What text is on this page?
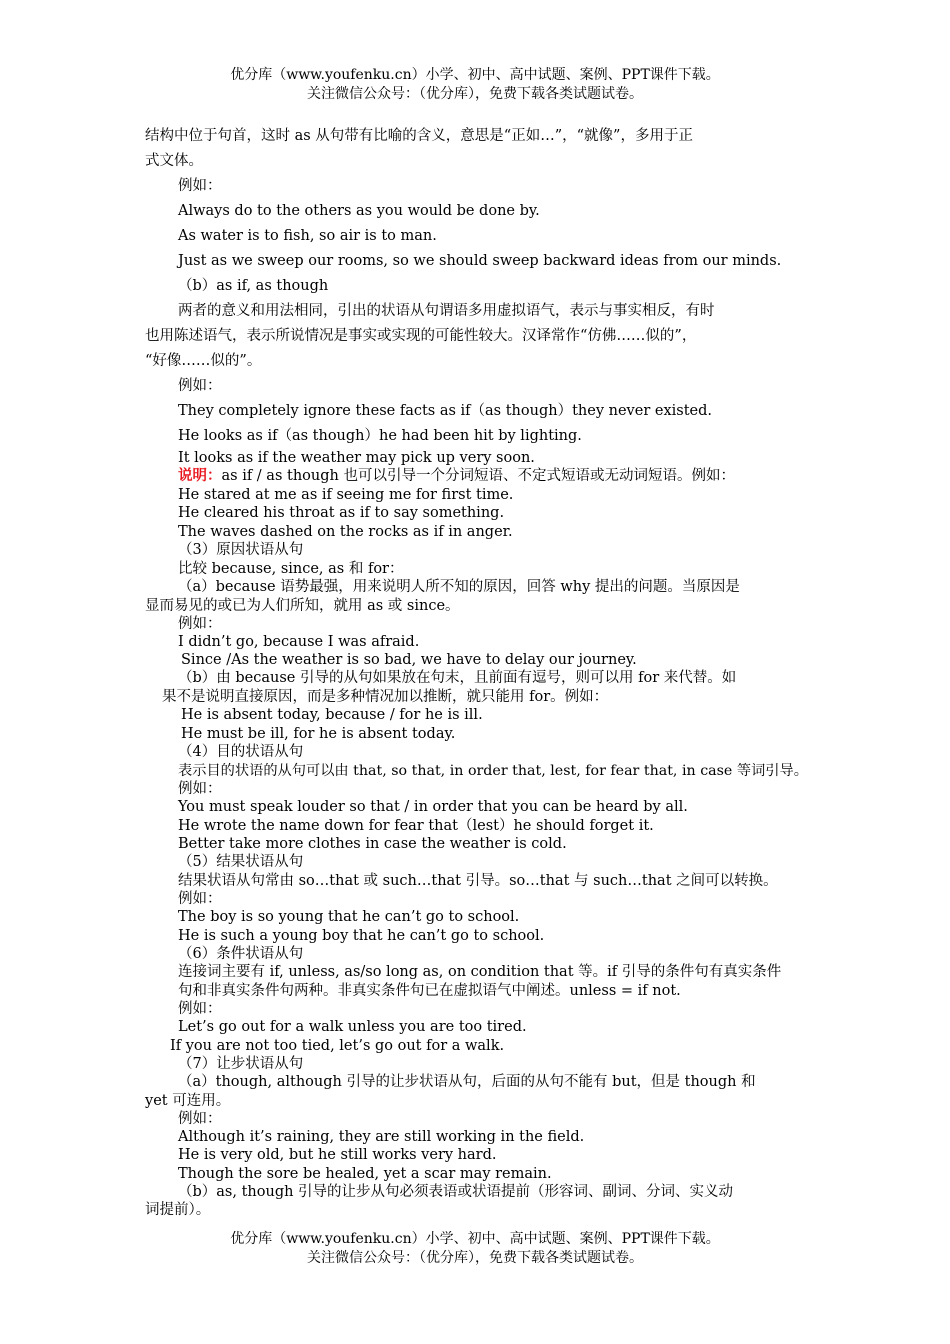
优分库（www.youfenku.cn）小学、初中、高中试题、案例、PPT课件下载。
关注微信公众号：（优分库），免费下载各类试题试卷。
结构中位于句首，这时 as 从句带有比喻的含义，意思是“正如…”，“就像”，多用于正
式文体。
例如：
Always do to the others as you would be done by.
As water is to fish, so air is to man.
Just as we sweep our rooms, so we should sweep backward ideas from our minds.
（b）as if, as though
两者的意义和用法相同，引出的状语从句谓语多用虚拟语气，表示与事实相反，有时
也用陈述语气，表示所说情况是事实或实现的可能性较大。汉译常作“仿佛……似的”，
“好像……似的”。
例如：
They completely ignore these facts as if（as though）they never existed.
He looks as if（as though）he had been hit by lighting.
It looks as if the weather may pick up very soon.
说明：as if / as though 也可以引导一个分词短语、不定式短语或无动词短语。例如：
He stared at me as if seeing me for first time.
He cleared his throat as if to say something.
The waves dashed on the rocks as if in anger.
（3）原因状语从句
比较 because, since, as 和 for：
（a）because 语势最强，用来说明人所不知的原因，回答 why 提出的问题。当原因是
显而易见的或已为人们所知，就用 as 或 since。
例如：
I didn’t go, because I was afraid.
Since /As the weather is so bad, we have to delay our journey.
（b）由 because 引导的从句如果放在句末，且前面有逗号，则可以用 for 来代替。如
果不是说明直接原因，而是多种情况加以推断，就只能用 for。例如：
He is absent today, because / for he is ill.
He must be ill, for he is absent today.
（4）目的状语从句
表示目的状语的从句可以由 that, so that, in order that, lest, for fear that, in case 等词引导。
例如：
You must speak louder so that / in order that you can be heard by all.
He wrote the name down for fear that（lest）he should forget it.
Better take more clothes in case the weather is cold.
（5）结果状语从句
结果状语从句常由 so…that 或 such…that 引导。so…that 与 such…that 之间可以转换。
例如：
The boy is so young that he can’t go to school.
He is such a young boy that he can’t go to school.
（6）条件状语从句
连接词主要有 if, unless, as/so long as, on condition that 等。if 引导的条件句有真实条件
句和非真实条件句两种。非真实条件句已在虚拟语气中阐述。unless = if not.
例如：
Let’s go out for a walk unless you are too tired.
If you are not too tied, let’s go out for a walk.
（7）让步状语从句
（a）though, although 引导的让步状语从句，后面的从句不能有 but，但是 though 和
yet 可连用。
例如：
Although it’s raining, they are still working in the field.
He is very old, but he still works very hard.
Though the sore be healed, yet a scar may remain.
（b）as, though 引导的让步从句必须表语或状语提前（形容词、副词、分词、实义动
词提前）。
优分库（www.youfenku.cn）小学、初中、高中试题、案例、PPT课件下载。
关注微信公众号：（优分库），免费下载各类试题试卷。
